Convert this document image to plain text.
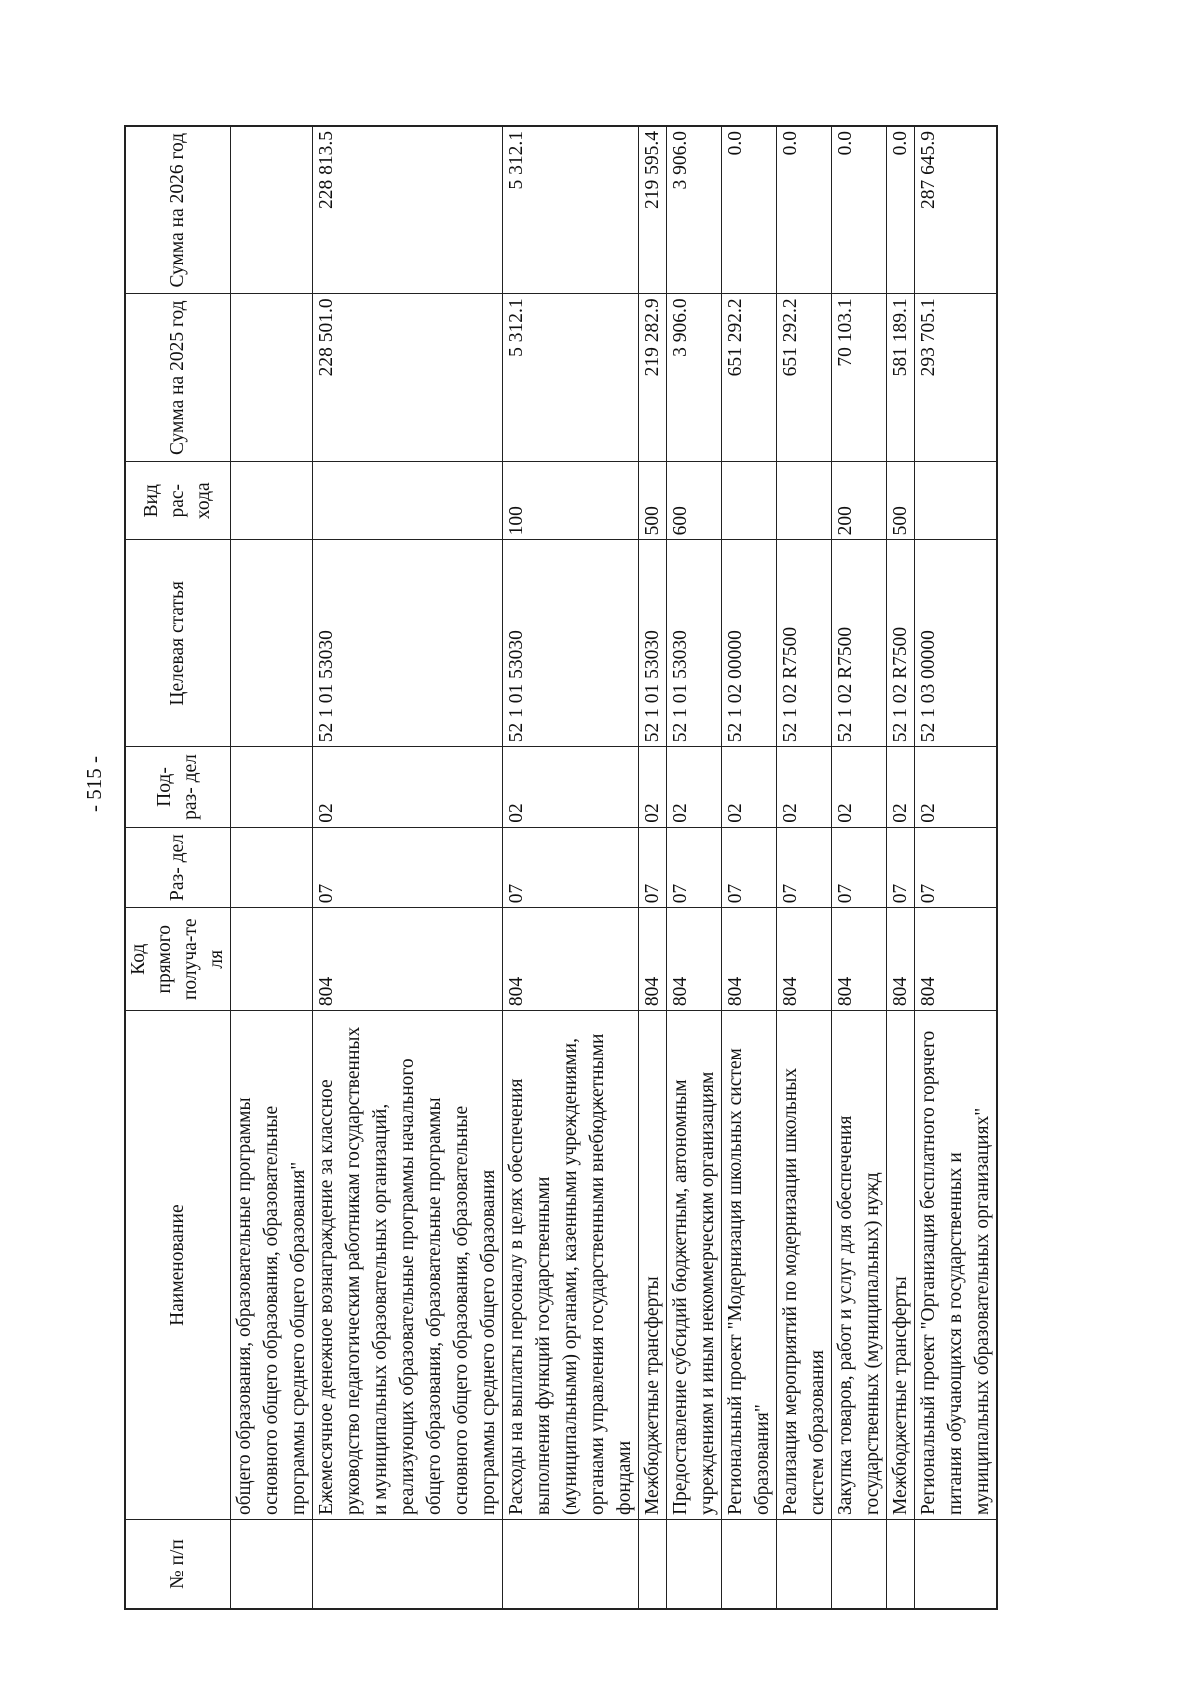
- 515 -
№ п/п	Наименование	Код прямого получа-те ля	Раз- дел	Под- раз- дел	Целевая статья	Вид рас- хода	Сумма на 2025 год	Сумма на 2026 год
	общего образования, образовательные программы основного общего образования, образовательные программы среднего общего образования"							
	Ежемесячное денежное вознаграждение за классное руководство педагогическим работникам государственных и муниципальных образовательных организаций, реализующих образовательные программы начального общего образования, образовательные программы основного общего образования, образовательные программы среднего общего образования	804	07	02	52 1 01 53030		228 501.0	228 813.5
	Расходы на выплаты персоналу в целях обеспечения выполнения функций государственными (муниципальными) органами, казенными учреждениями, органами управления государственными внебюджетными фондами	804	07	02	52 1 01 53030	100	5 312.1	5 312.1
	Межбюджетные трансферты	804	07	02	52 1 01 53030	500	219 282.9	219 595.4
	Предоставление субсидий бюджетным, автономным учреждениям и иным некоммерческим организациям	804	07	02	52 1 01 53030	600	3 906.0	3 906.0
	Региональный проект "Модернизация школьных систем образования"	804	07	02	52 1 02 00000		651 292.2	0.0
	Реализация мероприятий по модернизации школьных систем образования	804	07	02	52 1 02 R7500		651 292.2	0.0
	Закупка товаров, работ и услуг для обеспечения государственных (муниципальных) нужд	804	07	02	52 1 02 R7500	200	70 103.1	0.0
	Межбюджетные трансферты	804	07	02	52 1 02 R7500	500	581 189.1	0.0
	Региональный проект "Организация бесплатного горячего питания обучающихся в государственных и муниципальных образовательных организациях"	804	07	02	52 1 03 00000		293 705.1	287 645.9
